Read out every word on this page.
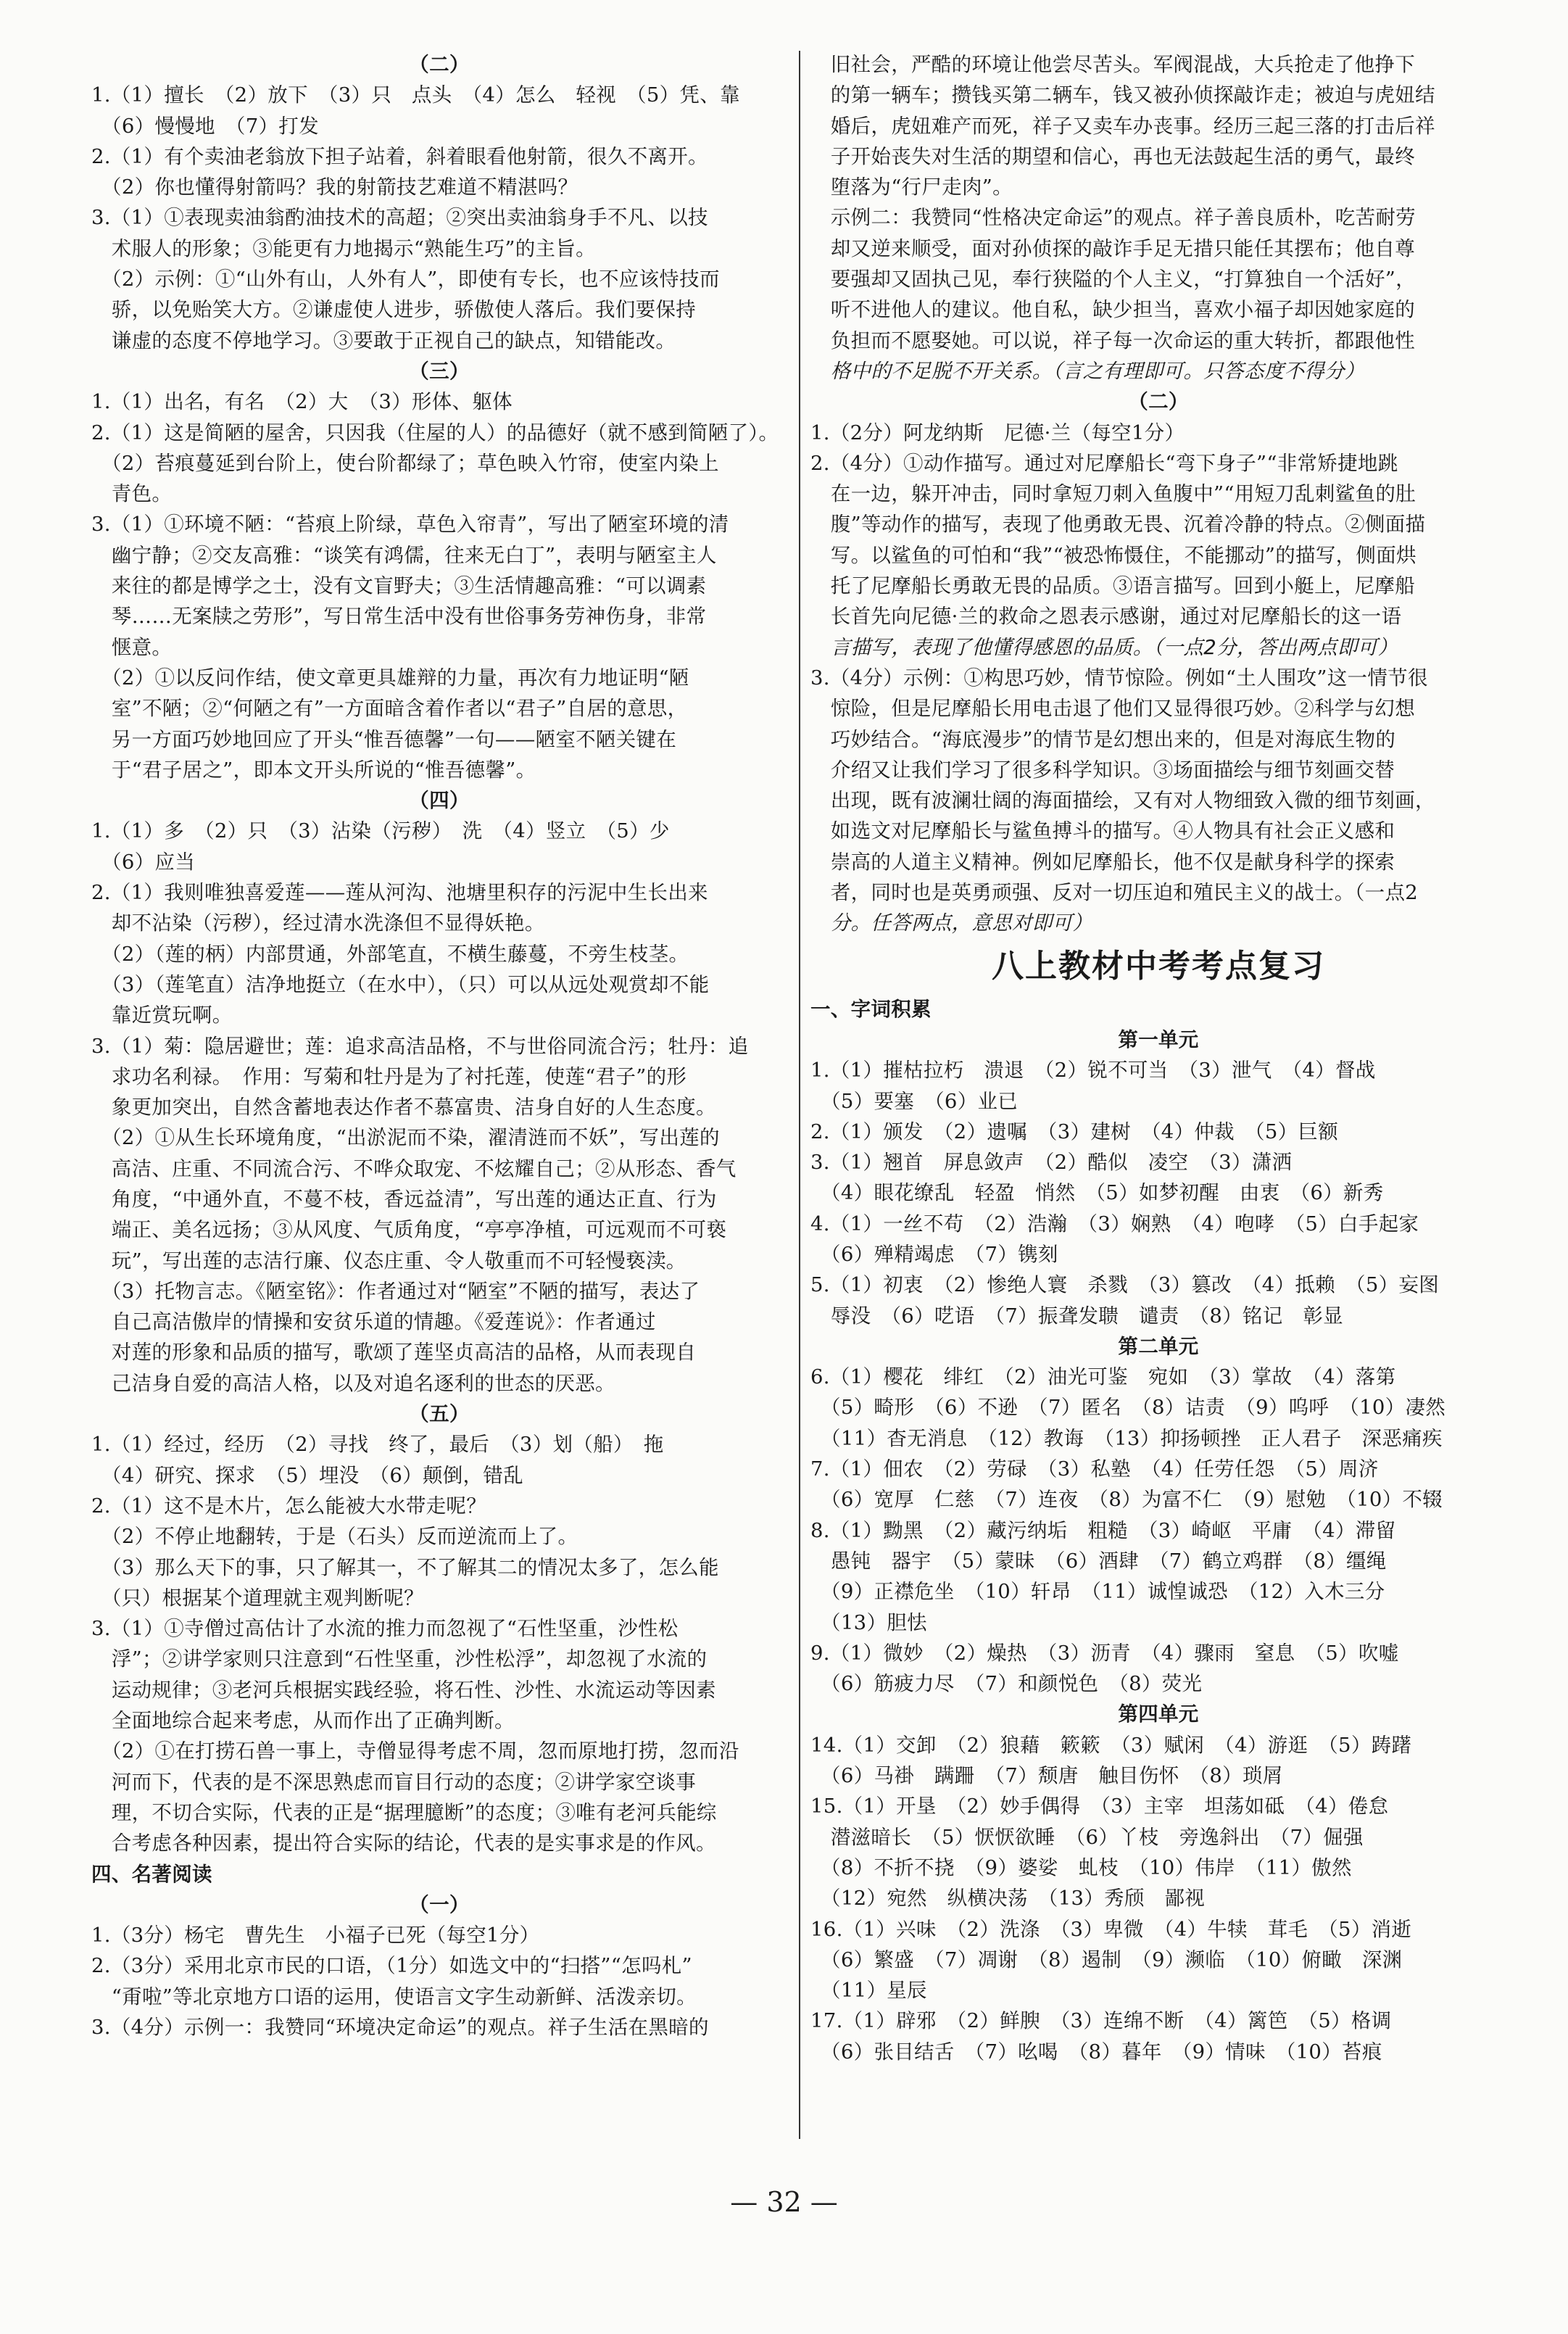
（二）
1.（1）擅长　（2）放下　（3）只　点头　（4）怎么　轻视　（5）凭、靠
　（6）慢慢地　（7）打发
2.（1）有个卖油老翁放下担子站着，斜着眼看他射箭，很久不离开。
　（2）你也懂得射箭吗？我的射箭技艺难道不精湛吗？
3.（1）①表现卖油翁酌油技术的高超；②突出卖油翁身手不凡、以技
　术服人的形象；③能更有力地揭示“熟能生巧”的主旨。
　（2）示例：①“山外有山，人外有人”，即使有专长，也不应该恃技而
　骄，以免贻笑大方。②谦虚使人进步，骄傲使人落后。我们要保持
　谦虚的态度不停地学习。③要敢于正视自己的缺点，知错能改。
（三）
1.（1）出名，有名　（2）大　（3）形体、躯体
2.（1）这是简陋的屋舍，只因我（住屋的人）的品德好（就不感到简陋了）。
　（2）苔痕蔓延到台阶上，使台阶都绿了；草色映入竹帘，使室内染上
　青色。
3.（1）①环境不陋：“苔痕上阶绿，草色入帘青”，写出了陋室环境的清
　幽宁静；②交友高雅：“谈笑有鸿儒，往来无白丁”，表明与陋室主人
　来往的都是博学之士，没有文盲野夫；③生活情趣高雅：“可以调素
　琴……无案牍之劳形”，写日常生活中没有世俗事务劳神伤身，非常
　惬意。
　（2）①以反问作结，使文章更具雄辩的力量，再次有力地证明“陋
　室”不陋；②“何陋之有”一方面暗含着作者以“君子”自居的意思，
　另一方面巧妙地回应了开头“惟吾德馨”一句——陋室不陋关键在
　于“君子居之”，即本文开头所说的“惟吾德馨”。
（四）
1.（1）多　（2）只　（3）沾染（污秽）　洗　（4）竖立　（5）少
　（6）应当
2.（1）我则唯独喜爱莲——莲从河沟、池塘里积存的污泥中生长出来
　却不沾染（污秽），经过清水洗涤但不显得妖艳。
　（2）（莲的柄）内部贯通，外部笔直，不横生藤蔓，不旁生枝茎。
　（3）（莲笔直）洁净地挺立（在水中），（只）可以从远处观赏却不能
　靠近赏玩啊。
3.（1）菊：隐居避世；莲：追求高洁品格，不与世俗同流合污；牡丹：追
　求功名利禄。　作用：写菊和牡丹是为了衬托莲，使莲“君子”的形
　象更加突出，自然含蓄地表达作者不慕富贵、洁身自好的人生态度。
　（2）①从生长环境角度，“出淤泥而不染，濯清涟而不妖”，写出莲的
　高洁、庄重、不同流合污、不哗众取宠、不炫耀自己；②从形态、香气
　角度，“中通外直，不蔓不枝，香远益清”，写出莲的通达正直、行为
　端正、美名远扬；③从风度、气质角度，“亭亭净植，可远观而不可亵
　玩”，写出莲的志洁行廉、仪态庄重、令人敬重而不可轻慢亵渎。
　（3）托物言志。《陋室铭》：作者通过对“陋室”不陋的描写，表达了
　自己高洁傲岸的情操和安贫乐道的情趣。《爱莲说》：作者通过
　对莲的形象和品质的描写，歌颂了莲坚贞高洁的品格，从而表现自
　己洁身自爱的高洁人格，以及对追名逐利的世态的厌恶。
（五）
1.（1）经过，经历　（2）寻找　终了，最后　（3）划（船）　拖
　（4）研究、探求　（5）埋没　（6）颠倒，错乱
2.（1）这不是木片，怎么能被大水带走呢？
　（2）不停止地翻转，于是（石头）反而逆流而上了。
　（3）那么天下的事，只了解其一，不了解其二的情况太多了，怎么能
　（只）根据某个道理就主观判断呢？
3.（1）①寺僧过高估计了水流的推力而忽视了“石性坚重，沙性松
　浮”；②讲学家则只注意到“石性坚重，沙性松浮”，却忽视了水流的
　运动规律；③老河兵根据实践经验，将石性、沙性、水流运动等因素
　全面地综合起来考虑，从而作出了正确判断。
　（2）①在打捞石兽一事上，寺僧显得考虑不周，忽而原地打捞，忽而沿
　河而下，代表的是不深思熟虑而盲目行动的态度；②讲学家空谈事
　理，不切合实际，代表的正是“据理臆断”的态度；③唯有老河兵能综
　合考虑各种因素，提出符合实际的结论，代表的是实事求是的作风。
四、名著阅读
（一）
1.（3分）杨宅　曹先生　小福子已死（每空1分）
2.（3分）采用北京市民的口语，（1分）如选文中的“扫搭”“怎吗札”
　“甭啦”等北京地方口语的运用，使语言文字生动新鲜、活泼亲切。
3.（4分）示例一：我赞同“环境决定命运”的观点。祥子生活在黑暗的
　旧社会，严酷的环境让他尝尽苦头。军阀混战，大兵抢走了他挣下
　的第一辆车；攒钱买第二辆车，钱又被孙侦探敲诈走；被迫与虎妞结
　婚后，虎妞难产而死，祥子又卖车办丧事。经历三起三落的打击后祥
　子开始丧失对生活的期望和信心，再也无法鼓起生活的勇气，最终
　堕落为“行尸走肉”。
　示例二：我赞同“性格决定命运”的观点。祥子善良质朴，吃苦耐劳
　却又逆来顺受，面对孙侦探的敲诈手足无措只能任其摆布；他自尊
　要强却又固执己见，奉行狭隘的个人主义，“打算独自一个活好”，
　听不进他人的建议。他自私，缺少担当，喜欢小福子却因她家庭的
　负担而不愿娶她。可以说，祥子每一次命运的重大转折，都跟他性
　格中的不足脱不开关系。（言之有理即可。只答态度不得分）
（二）
1.（2分）阿龙纳斯　尼德·兰（每空1分）
2.（4分）①动作描写。通过对尼摩船长“弯下身子”“非常矫捷地跳
　在一边，躲开冲击，同时拿短刀刺入鱼腹中”“用短刀乱刺鲨鱼的肚
　腹”等动作的描写，表现了他勇敢无畏、沉着冷静的特点。②侧面描
　写。以鲨鱼的可怕和“我”“被恐怖慑住，不能挪动”的描写，侧面烘
　托了尼摩船长勇敢无畏的品质。③语言描写。回到小艇上，尼摩船
　长首先向尼德·兰的救命之恩表示感谢，通过对尼摩船长的这一语
　言描写，表现了他懂得感恩的品质。（一点2分，答出两点即可）
3.（4分）示例：①构思巧妙，情节惊险。例如“土人围攻”这一情节很
　惊险，但是尼摩船长用电击退了他们又显得很巧妙。②科学与幻想
　巧妙结合。“海底漫步”的情节是幻想出来的，但是对海底生物的
　介绍又让我们学习了很多科学知识。③场面描绘与细节刻画交替
　出现，既有波澜壮阔的海面描绘，又有对人物细致入微的细节刻画，
　如选文对尼摩船长与鲨鱼搏斗的描写。④人物具有社会正义感和
　崇高的人道主义精神。例如尼摩船长，他不仅是献身科学的探索
　者，同时也是英勇顽强、反对一切压迫和殖民主义的战士。（一点2
　分。任答两点，意思对即可）
八上教材中考考点复习
一、字词积累
第一单元
1.（1）摧枯拉朽　溃退　（2）锐不可当　（3）泄气　（4）督战
　（5）要塞　（6）业已
2.（1）颁发　（2）遗嘱　（3）建树　（4）仲裁　（5）巨额
3.（1）翘首　屏息敛声　（2）酷似　凌空　（3）潇洒
　（4）眼花缭乱　轻盈　悄然　（5）如梦初醒　由衷　（6）新秀
4.（1）一丝不苟　（2）浩瀚　（3）娴熟　（4）咆哮　（5）白手起家
　（6）殚精竭虑　（7）镌刻
5.（1）初衷　（2）惨绝人寰　杀戮　（3）篡改　（4）抵赖　（5）妄图
　辱没　（6）呓语　（7）振聋发聩　谴责　（8）铭记　彰显
第二单元
6.（1）樱花　绯红　（2）油光可鉴　宛如　（3）掌故　（4）落第
　（5）畸形　（6）不逊　（7）匿名　（8）诘责　（9）呜呼　（10）凄然
　（11）杳无消息　（12）教诲　（13）抑扬顿挫　正人君子　深恶痛疾
7.（1）佃农　（2）劳碌　（3）私塾　（4）任劳任怨　（5）周济
　（6）宽厚　仁慈　（7）连夜　（8）为富不仁　（9）慰勉　（10）不辍
8.（1）黝黑　（2）藏污纳垢　粗糙　（3）崎岖　平庸　（4）滞留
　愚钝　器宇　（5）蒙昧　（6）酒肆　（7）鹤立鸡群　（8）缰绳
　（9）正襟危坐　（10）轩昂　（11）诚惶诚恐　（12）入木三分
　（13）胆怯
9.（1）微妙　（2）燥热　（3）沥青　（4）骤雨　窒息　（5）吹嘘
　（6）筋疲力尽　（7）和颜悦色　（8）荧光
第四单元
14.（1）交卸　（2）狼藉　簌簌　（3）赋闲　（4）游逛　（5）踌躇
　（6）马褂　蹒跚　（7）颓唐　触目伤怀　（8）琐屑
15.（1）开垦　（2）妙手偶得　（3）主宰　坦荡如砥　（4）倦怠
　潜滋暗长　（5）恹恹欲睡　（6）丫枝　旁逸斜出　（7）倔强
　（8）不折不挠　（9）婆娑　虬枝　（10）伟岸　（11）傲然
　（12）宛然　纵横决荡　（13）秀颀　鄙视
16.（1）兴味　（2）洗涤　（3）卑微　（4）牛犊　茸毛　（5）消逝
　（6）繁盛　（7）凋谢　（8）遏制　（9）濒临　（10）俯瞰　深渊
　（11）星辰
17.（1）辟邪　（2）鲜腴　（3）连绵不断　（4）篱笆　（5）格调
　（6）张目结舌　（7）吆喝　（8）暮年　（9）情味　（10）苔痕
— 32 —
